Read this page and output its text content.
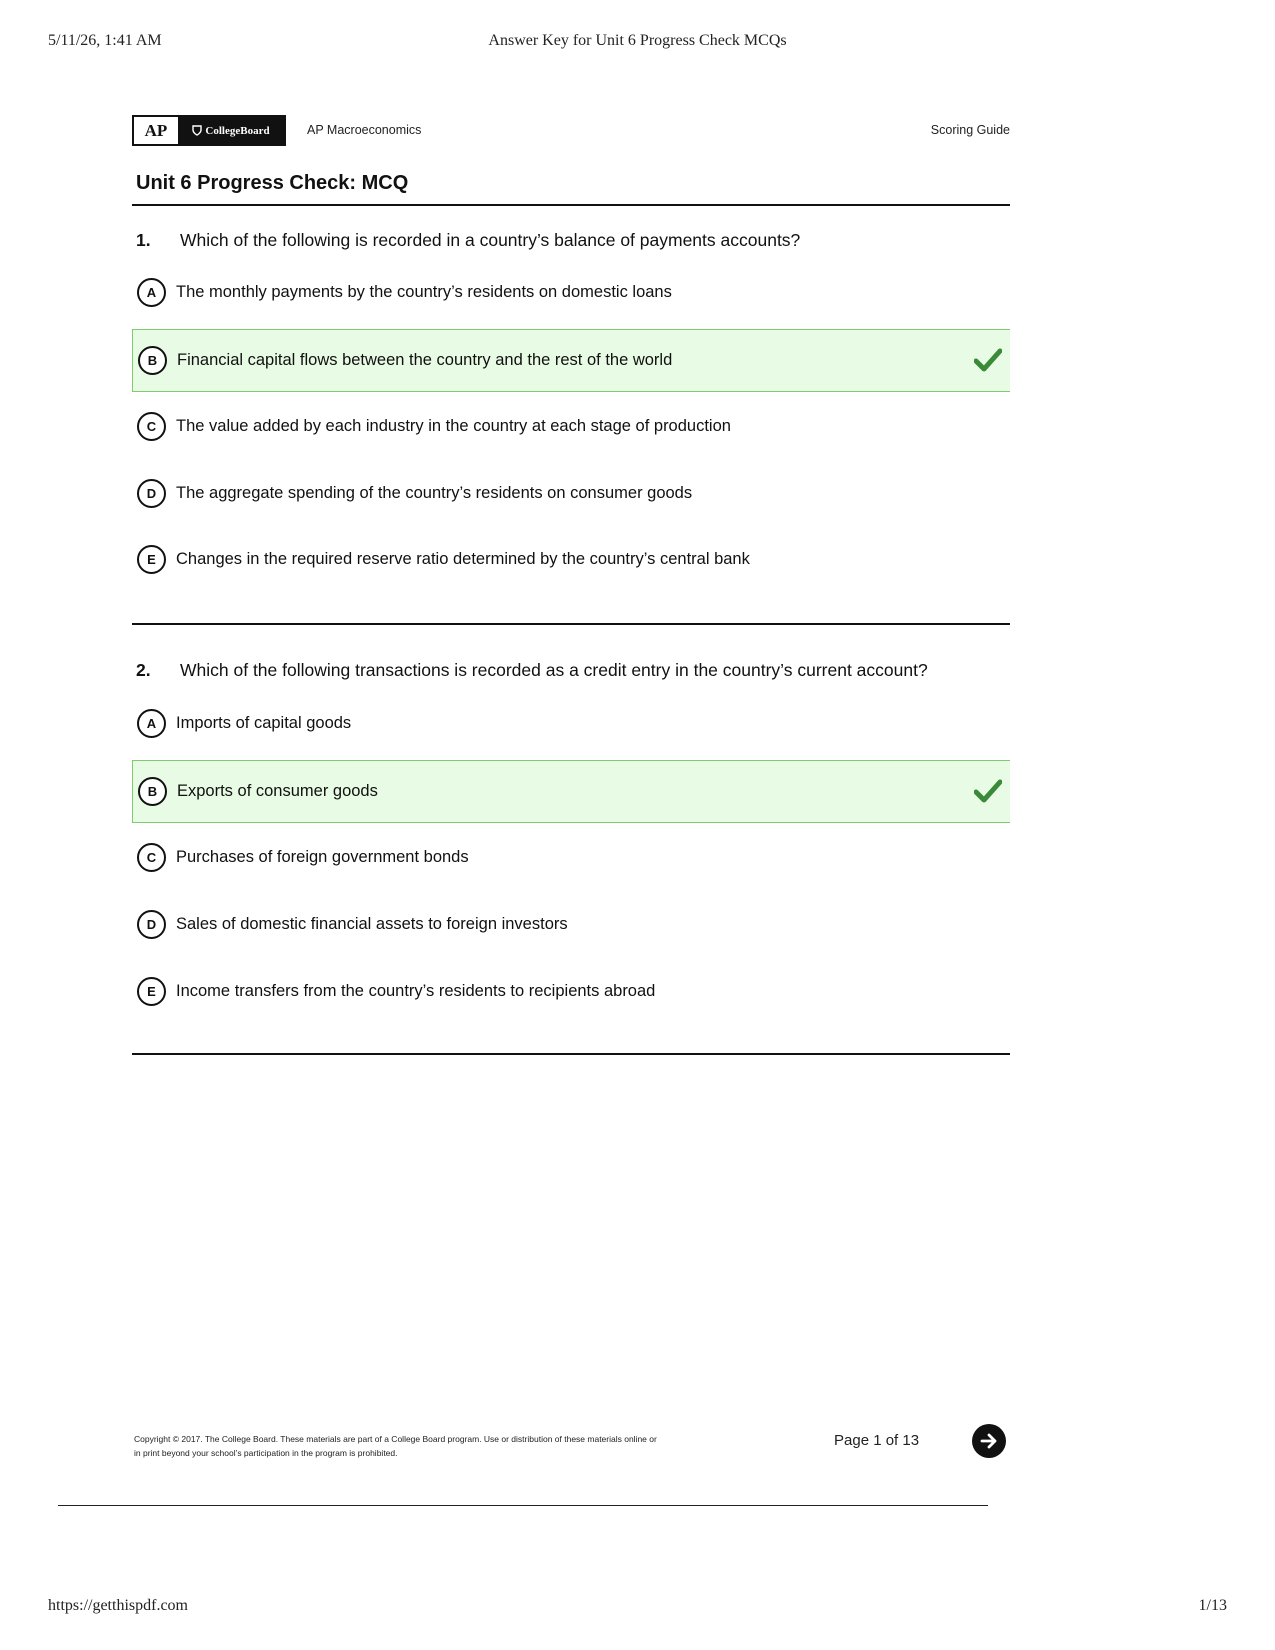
5/11/26, 1:41 AM	Answer Key for Unit 6 Progress Check MCQs
AP	CollegeBoard	AP Macroeconomics	Scoring Guide
Unit 6 Progress Check: MCQ
1. Which of the following is recorded in a country’s balance of payments accounts?
A	The monthly payments by the country’s residents on domestic loans
B	Financial capital flows between the country and the rest of the world
C	The value added by each industry in the country at each stage of production
D	The aggregate spending of the country’s residents on consumer goods
E	Changes in the required reserve ratio determined by the country’s central bank
2. Which of the following transactions is recorded as a credit entry in the country’s current account?
A	Imports of capital goods
B	Exports of consumer goods
C	Purchases of foreign government bonds
D	Sales of domestic financial assets to foreign investors
E	Income transfers from the country’s residents to recipients abroad
Copyright © 2017. The College Board. These materials are part of a College Board program. Use or distribution of these materials online or
in print beyond your school’s participation in the program is prohibited.
Page 1 of 13
https://getthispdf.com	1/13
